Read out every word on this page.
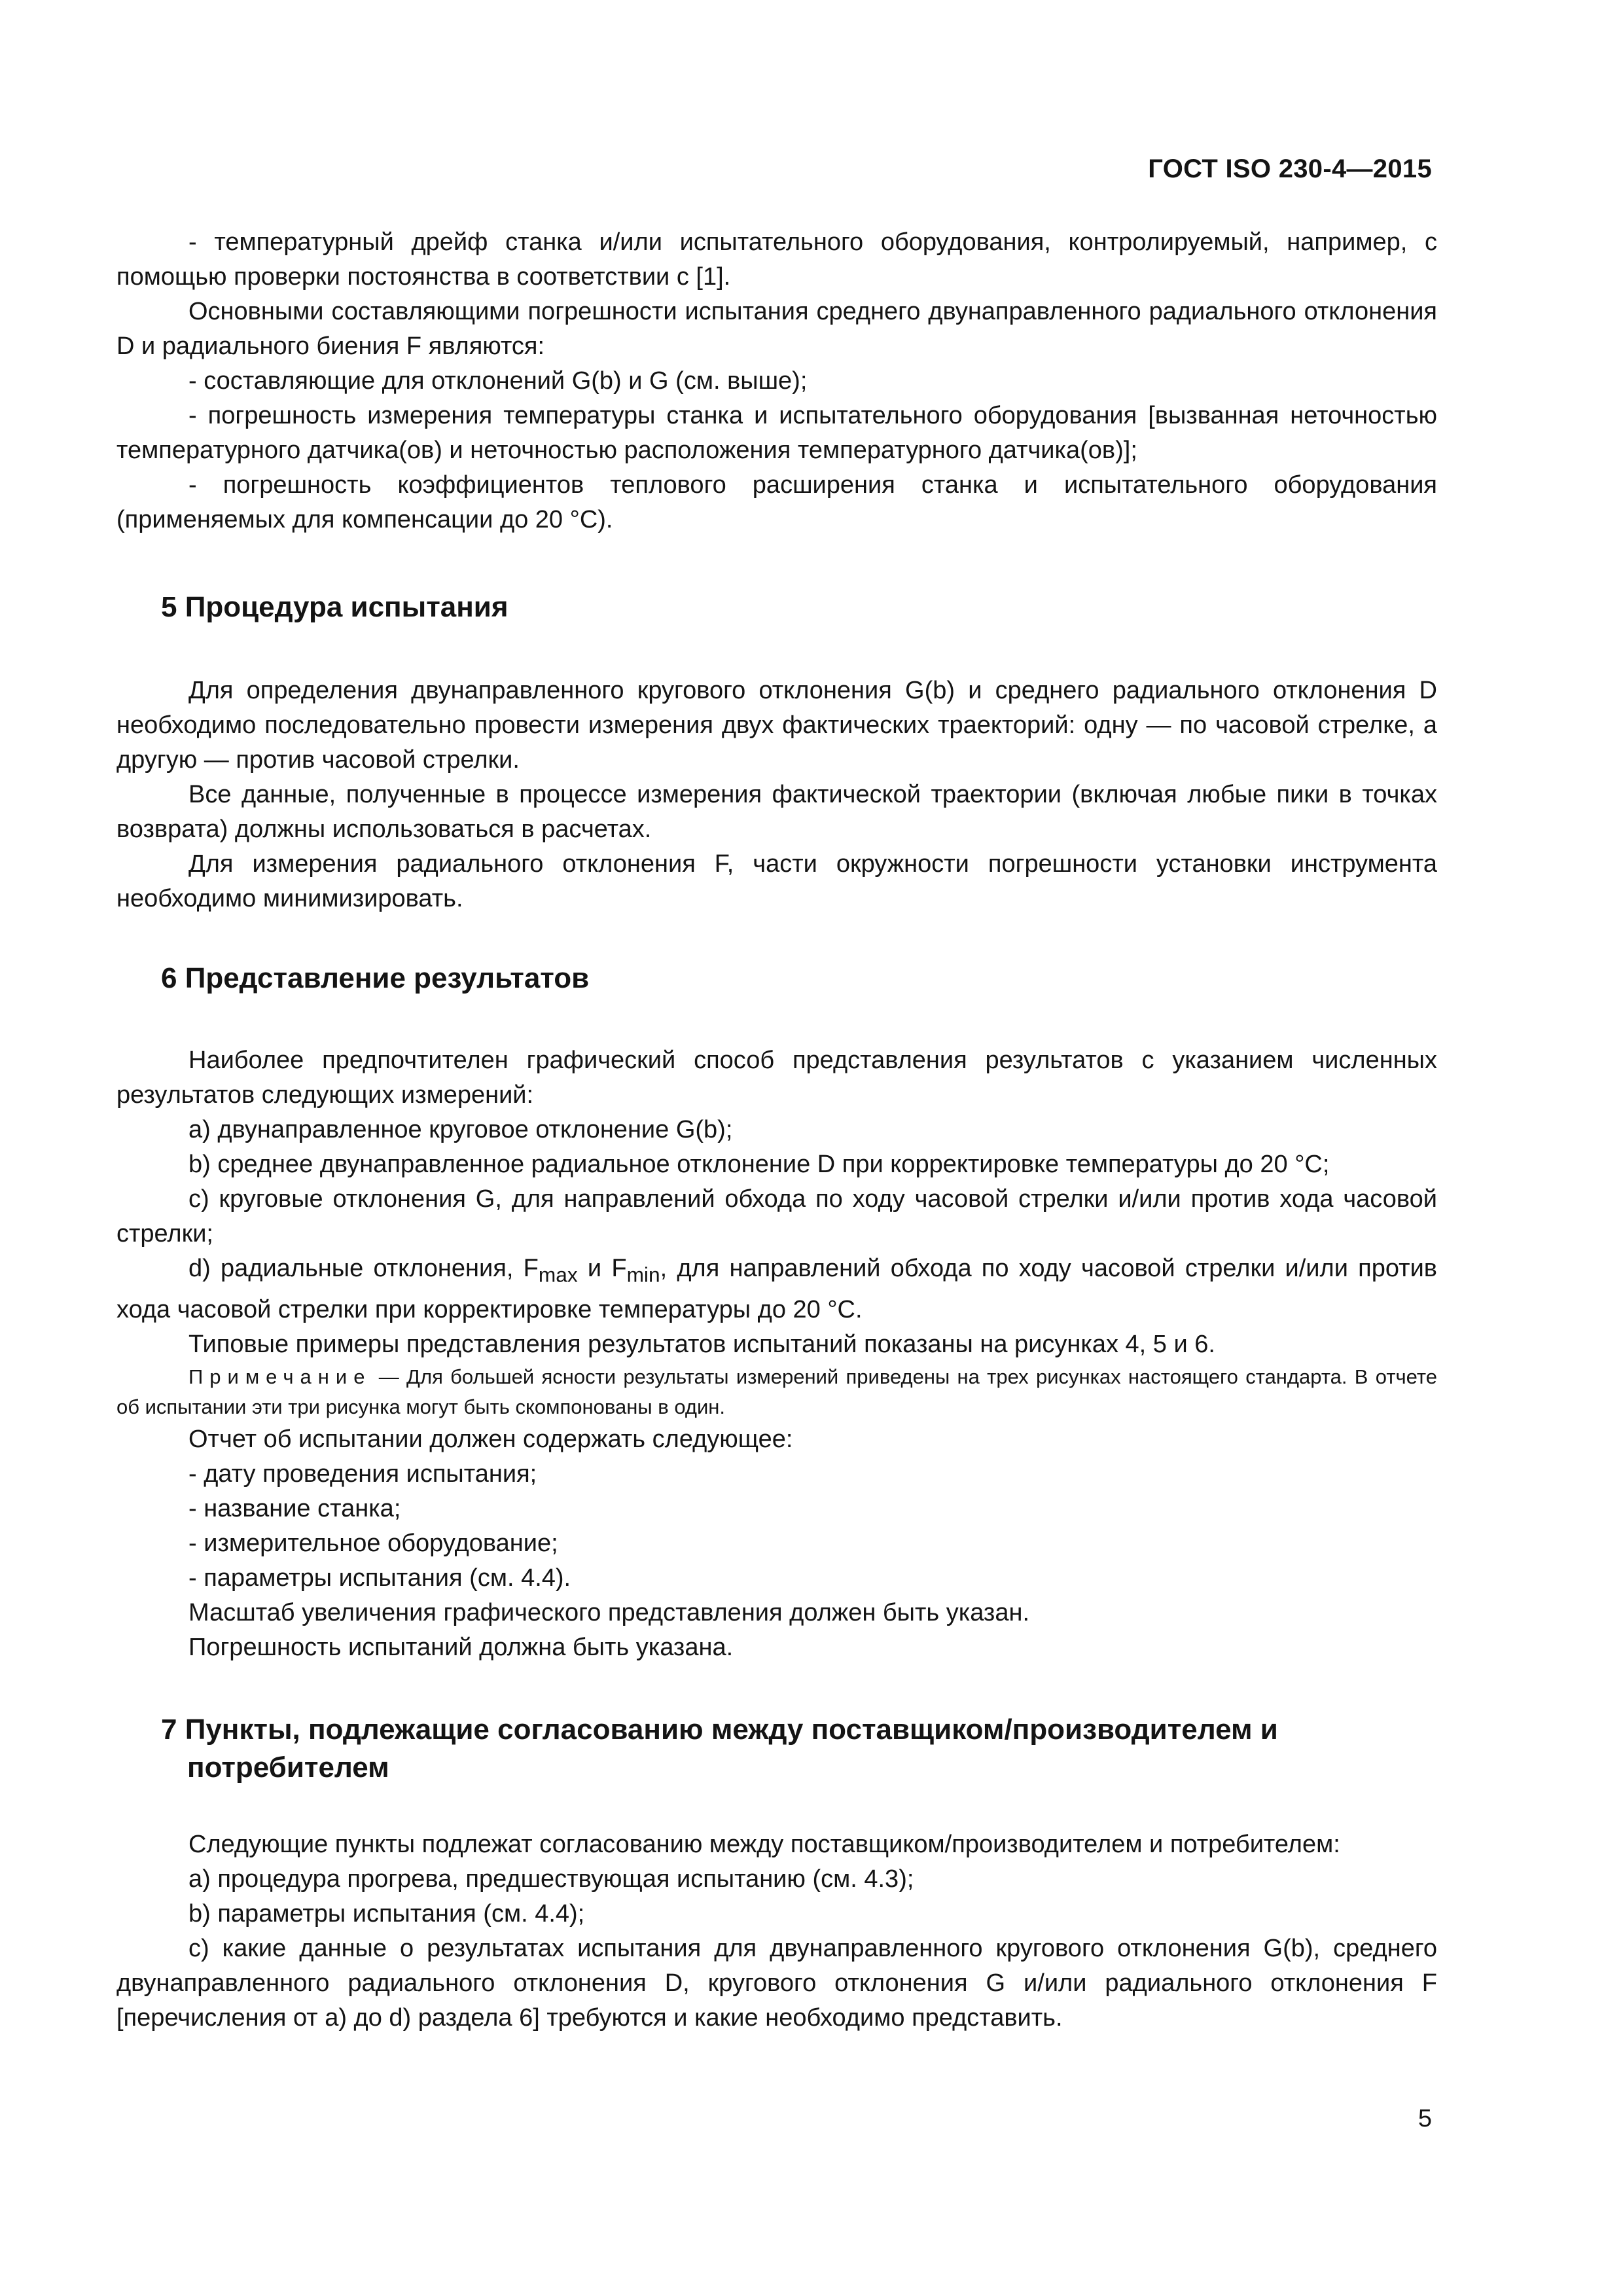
ГОСТ ISO 230-4—2015

- температурный дрейф станка и/или испытательного оборудования, контролируемый, например, с помощью проверки постоянства в соответствии с [1].

Основными составляющими погрешности испытания среднего двунаправленного радиального отклонения D и радиального биения F являются:

- составляющие для отклонений G(b) и G (см. выше);

- погрешность измерения температуры станка и испытательного оборудования [вызванная неточностью температурного датчика(ов) и неточностью расположения температурного датчика(ов)];

- погрешность коэффициентов теплового расширения станка и испытательного оборудования (применяемых для компенсации до 20 °С).

5 Процедура испытания

Для определения двунаправленного кругового отклонения G(b) и среднего радиального отклонения D необходимо последовательно провести измерения двух фактических траекторий: одну — по часовой стрелке, а другую — против часовой стрелки.

Все данные, полученные в процессе измерения фактической траектории (включая любые пики в точках возврата) должны использоваться в расчетах.

Для измерения радиального отклонения F, части окружности погрешности установки инструмента необходимо минимизировать.

6 Представление результатов

Наиболее предпочтителен графический способ представления результатов с указанием численных результатов следующих измерений:

а) двунаправленное круговое отклонение G(b);

b) среднее двунаправленное радиальное отклонение D при корректировке температуры до 20 °С;

с) круговые отклонения G, для направлений обхода по ходу часовой стрелки и/или против хода часовой стрелки;

d) радиальные отклонения, $F_{max}$ и $F_{min}$, для направлений обхода по ходу часовой стрелки и/или против хода часовой стрелки при корректировке температуры до 20 °С.

Типовые примеры представления результатов испытаний показаны на рисунках 4, 5 и 6.

Примечание — Для большей ясности результаты измерений приведены на трех рисунках настоящего стандарта. В отчете об испытании эти три рисунка могут быть скомпонованы в один.

Отчет об испытании должен содержать следующее:

- дату проведения испытания;

- название станка;

- измерительное оборудование;

- параметры испытания (см. 4.4).

Масштаб увеличения графического представления должен быть указан.

Погрешность испытаний должна быть указана.

7 Пункты, подлежащие согласованию между поставщиком/производителем и потребителем

Следующие пункты подлежат согласованию между поставщиком/производителем и потребителем:

а) процедура прогрева, предшествующая испытанию (см. 4.3);

b) параметры испытания (см. 4.4);

с) какие данные о результатах испытания для двунаправленного кругового отклонения G(b), среднего двунаправленного радиального отклонения D, кругового отклонения G и/или радиального отклонения F [перечисления от а) до d) раздела 6] требуются и какие необходимо представить.

5
